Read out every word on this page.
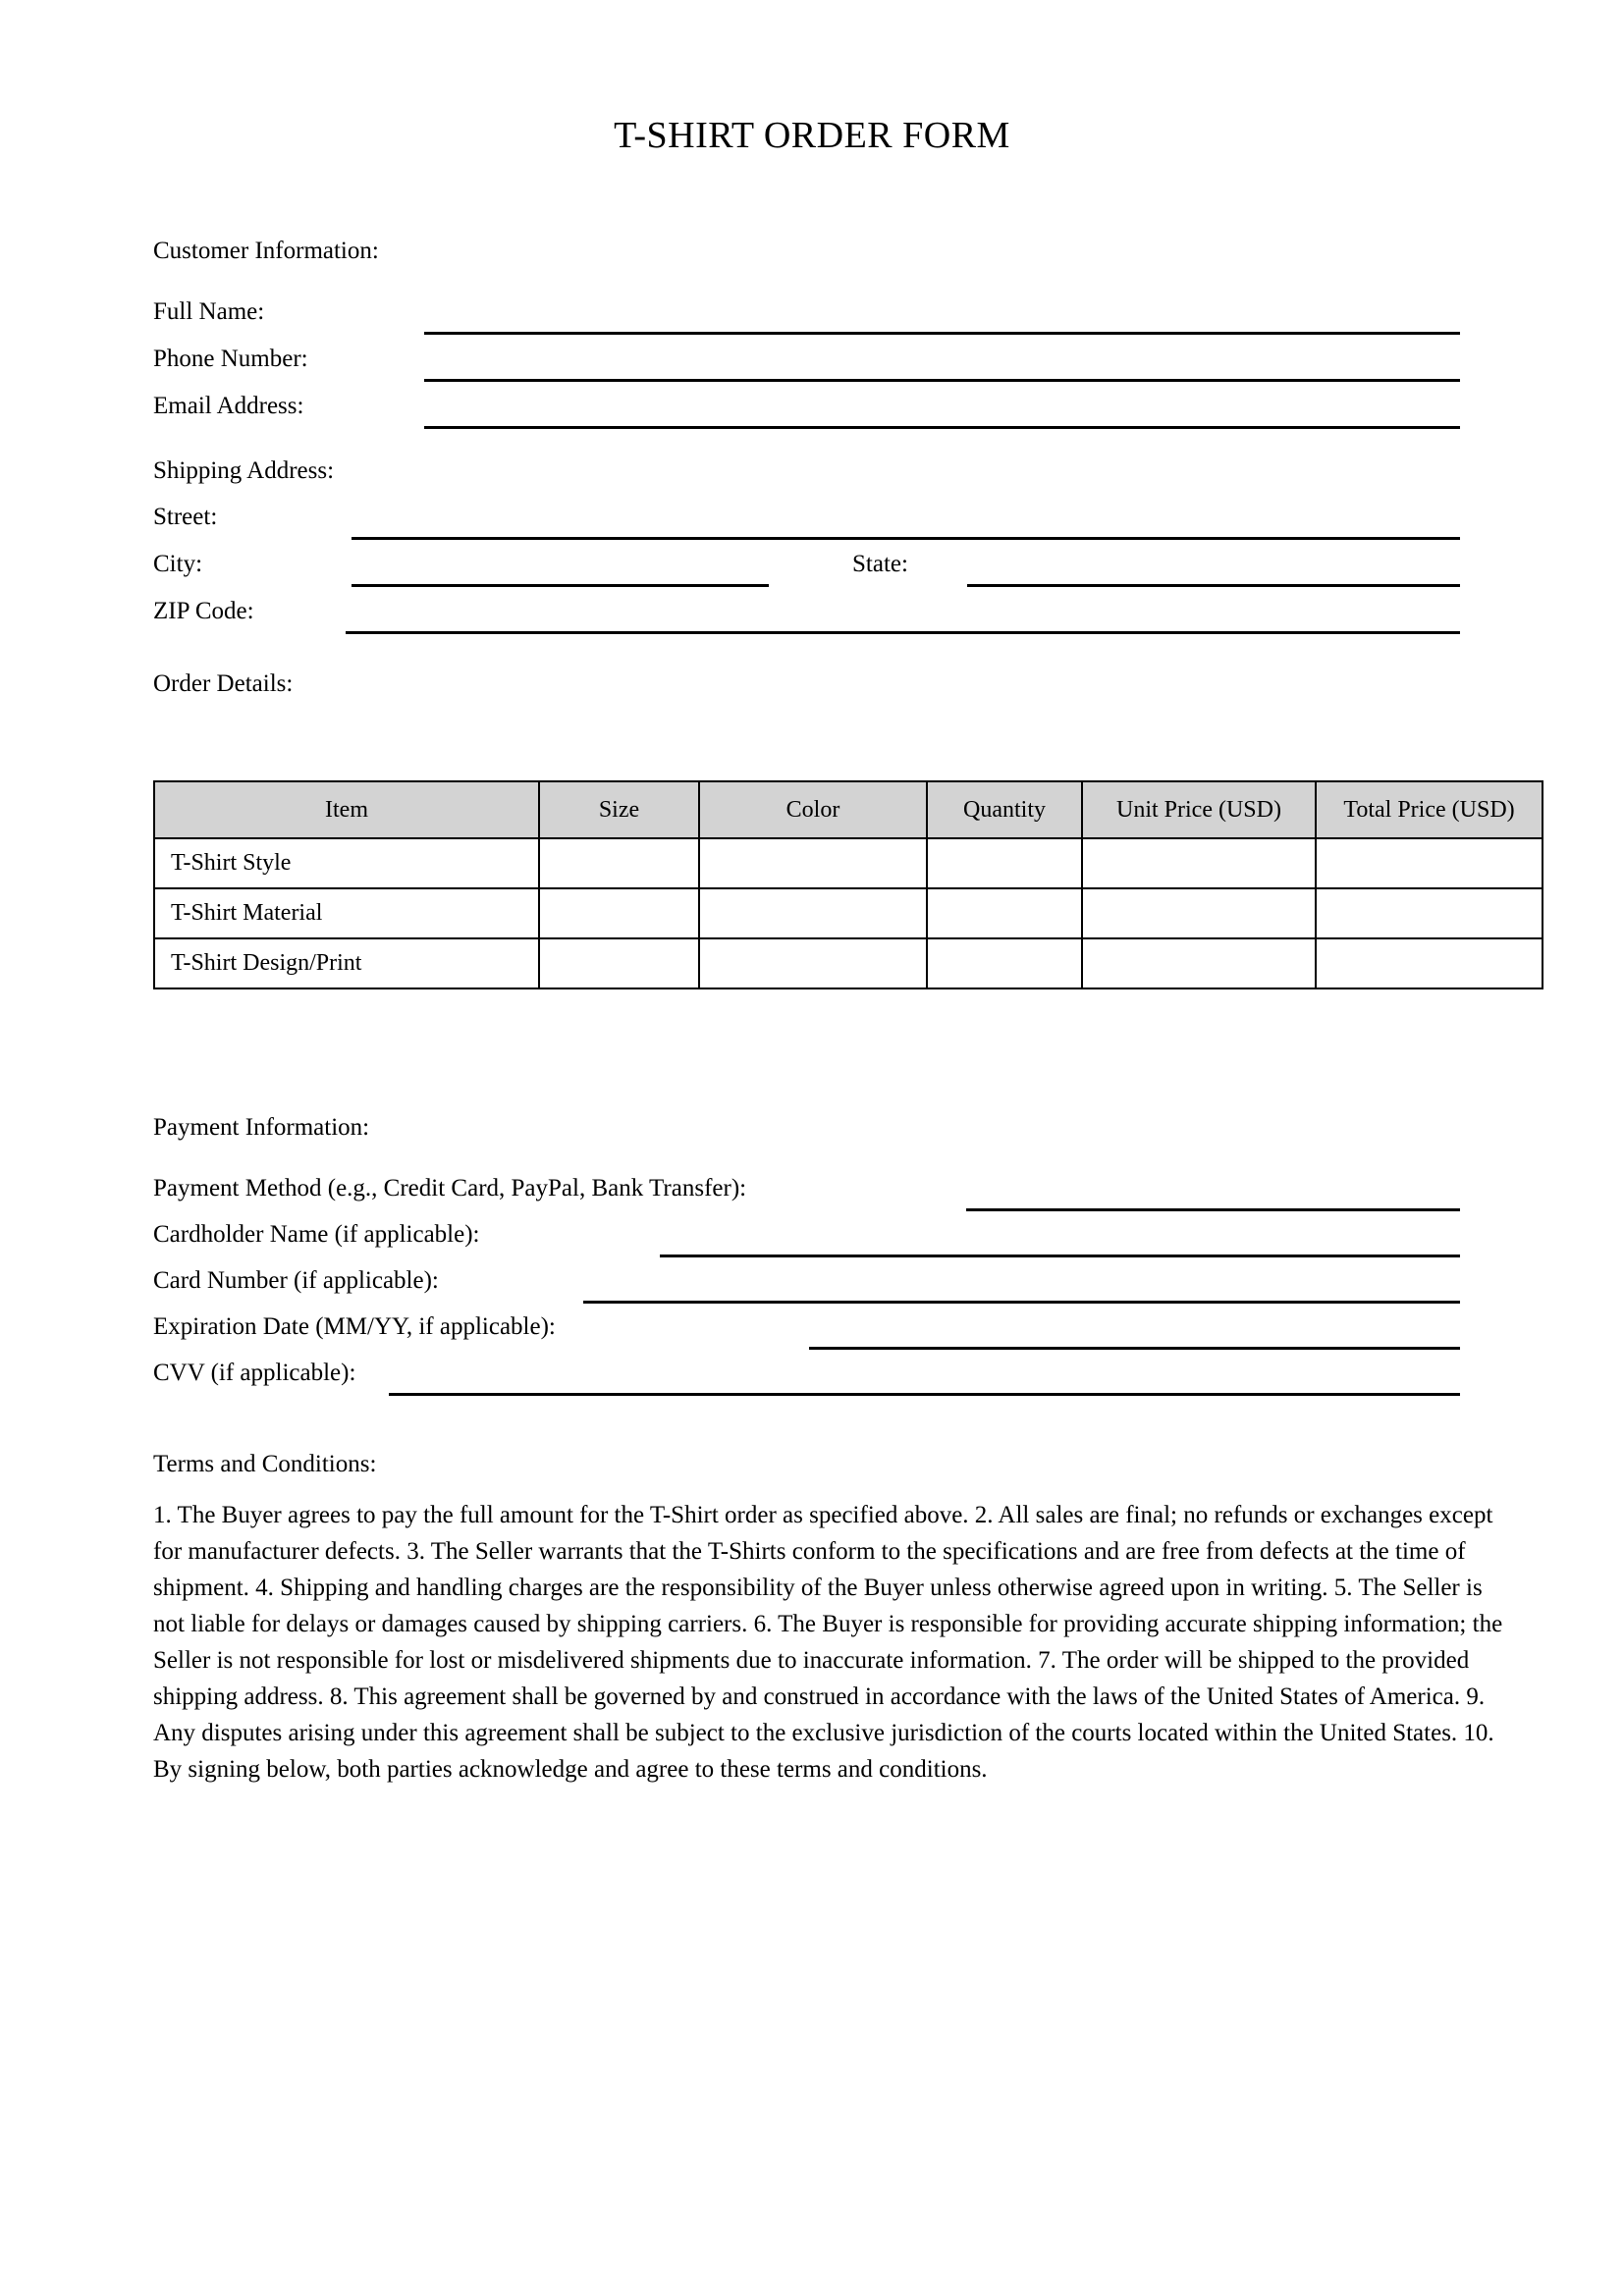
T-SHIRT ORDER FORM
Customer Information:
Full Name:
Phone Number:
Email Address:
Shipping Address:
Street:
City:	State:
ZIP Code:
Order Details:
Item	Size	Color	Quantity	Unit Price (USD)	Total Price (USD)
T-Shirt Style					
T-Shirt Material					
T-Shirt Design/Print					
Payment Information:
Payment Method (e.g., Credit Card, PayPal, Bank Transfer):
Cardholder Name (if applicable):
Card Number (if applicable):
Expiration Date (MM/YY, if applicable):
CVV (if applicable):
Terms and Conditions:
1. The Buyer agrees to pay the full amount for the T-Shirt order as specified above. 2. All sales are final; no refunds or exchanges except for manufacturer defects. 3. The Seller warrants that the T-Shirts conform to the specifications and are free from defects at the time of shipment. 4. Shipping and handling charges are the responsibility of the Buyer unless otherwise agreed upon in writing. 5. The Seller is not liable for delays or damages caused by shipping carriers. 6. The Buyer is responsible for providing accurate shipping information; the Seller is not responsible for lost or misdelivered shipments due to inaccurate information. 7. The order will be shipped to the provided shipping address. 8. This agreement shall be governed by and construed in accordance with the laws of the United States of America. 9. Any disputes arising under this agreement shall be subject to the exclusive jurisdiction of the courts located within the United States. 10. By signing below, both parties acknowledge and agree to these terms and conditions.
